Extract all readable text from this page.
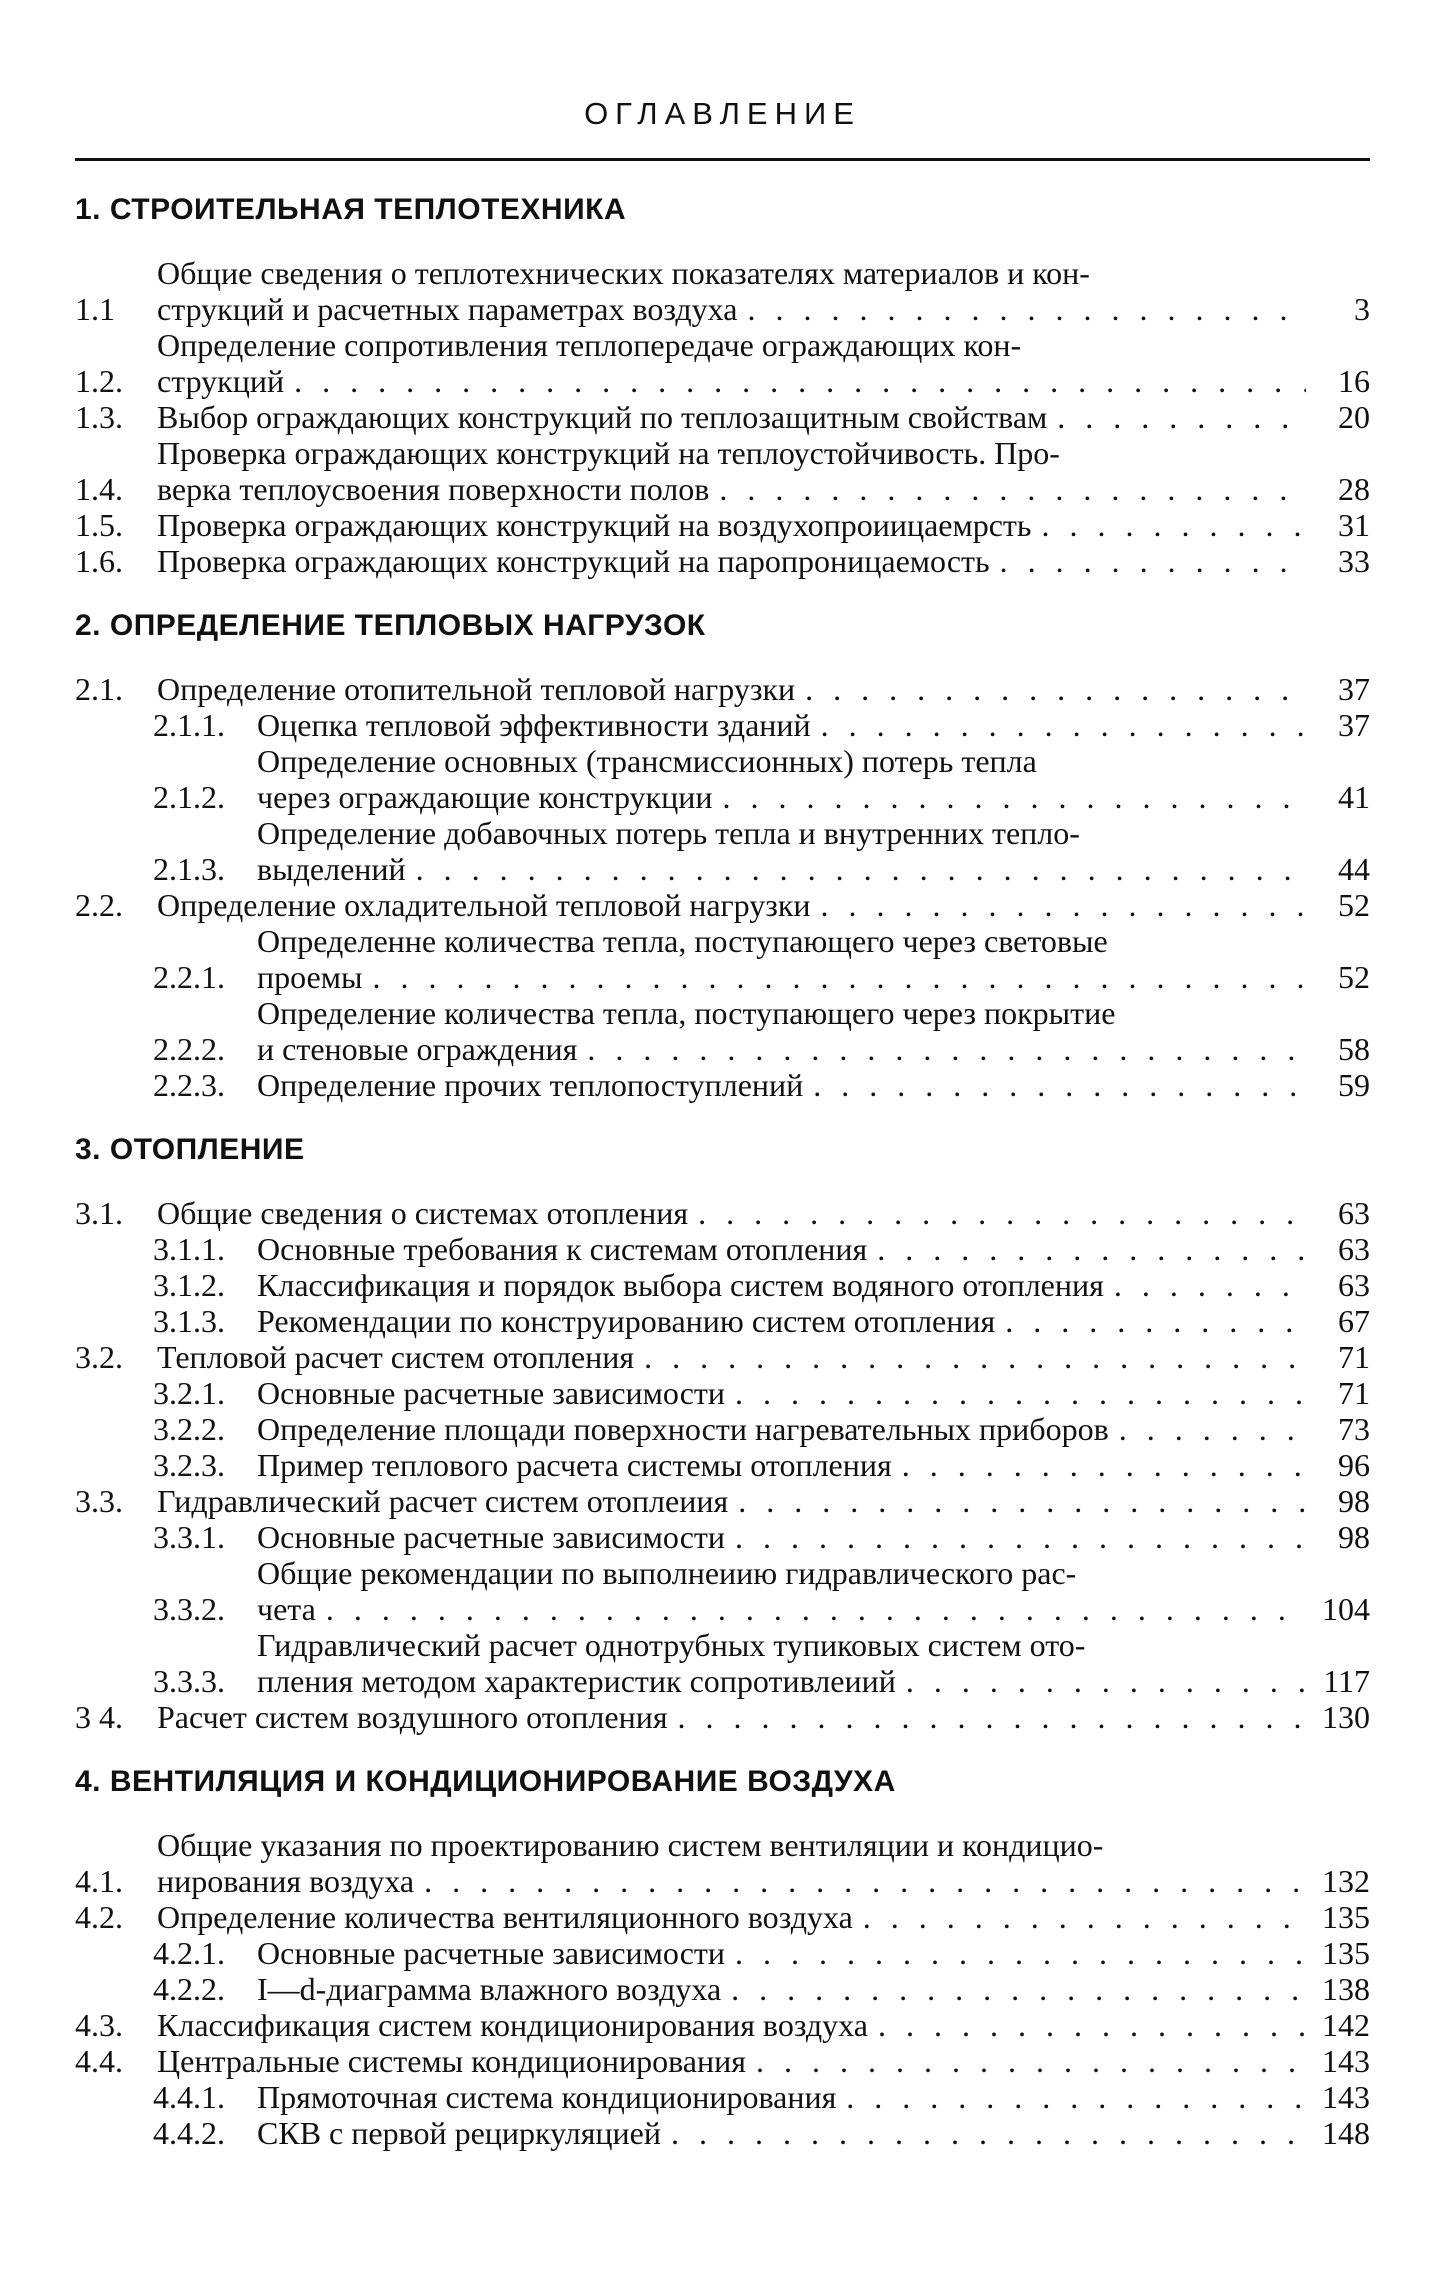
ОГЛАВЛЕНИЕ
1. СТРОИТЕЛЬНАЯ ТЕПЛОТЕХНИКА
1.1
Общие сведения о теплотехнических показателях материалов и кон-
струкций и расчетных параметрах воздуха . . .	3
1.2.
Определение сопротивления теплопередаче ограждающих кон-
струкций . . .	16
1.3.	Выбор ограждающих конструкций по теплозащитным свойствам . . .	20
1.4.
Проверка ограждающих конструкций на теплоустойчивость. Про-
верка теплоусвоения поверхности полов . . .	28
1.5.	Проверка ограждающих конструкций на воздухопроиицаемрсть . . .	31
1.6.	Проверка ограждающих конструкций на паропроницаемость . . .	33
2. ОПРЕДЕЛЕНИЕ ТЕПЛОВЫХ НАГРУЗОК
2.1.	Определение отопительной тепловой нагрузки . . .	37
2.1.1.	Оцепка тепловой эффективности зданий . . .	37
2.1.2.
Определение основных (трансмиссионных) потерь тепла
через ограждающие конструкции . . .	41
2.1.3.
Определение добавочных потерь тепла и внутренних тепло-
выделений . . .	44
2.2.	Определение охладительной тепловой нагрузки . . .	52
2.2.1.
Определенне количества тепла, поступающего через световые
проемы . . .	52
2.2.2.
Определение количества тепла, поступающего через покрытие
и стеновые ограждения . . .	58
2.2.3.	Определение прочих теплопоступлений . . .	59
3. ОТОПЛЕНИЕ
3.1.	Общие сведения о системах отопления . . .	63
3.1.1.	Основные требования к системам отопления . . .	63
3.1.2.	Классификация и порядок выбора систем водяного отопления . . .	63
3.1.3.	Рекомендации по конструированию систем отопления . . .	67
3.2.	Тепловой расчет систем отопления . . .	71
3.2.1.	Основные расчетные зависимости . . .	71
3.2.2.	Определение площади поверхности нагревательных приборов . . .	73
3.2.3.	Пример теплового расчета системы отопления . . .	96
3.3.	Гидравлический расчет систем отоплеиия . . .	98
3.3.1.	Основные расчетные зависимости . . .	98
3.3.2.
Общие рекомендации по выполнеиию гидравлического рас-
чета . . .	104
3.3.3.
Гидравлический расчет однотрубных тупиковых систем ото-
пления методом характеристик сопротивлеиий . . .	117
3 4.	Расчет систем воздушного отопления . . .	130
4. ВЕНТИЛЯЦИЯ И КОНДИЦИОНИРОВАНИЕ ВОЗДУХА
4.1.
Общие указания по проектированию систем вентиляции и кондицио-
нирования воздуха . . .	132
4.2.	Определение количества вентиляционного воздуха . . .	135
4.2.1.	Основные расчетные зависимости . . .	135
4.2.2.	I—d-диаграмма влажного воздуха . . .	138
4.3.	Классификация систем кондиционирования воздуха . . .	142
4.4.	Центральные системы кондиционирования . . .	143
4.4.1.	Прямоточная система кондиционирования . . .	143
4.4.2.	СКВ с первой рециркуляцией . . .	148
